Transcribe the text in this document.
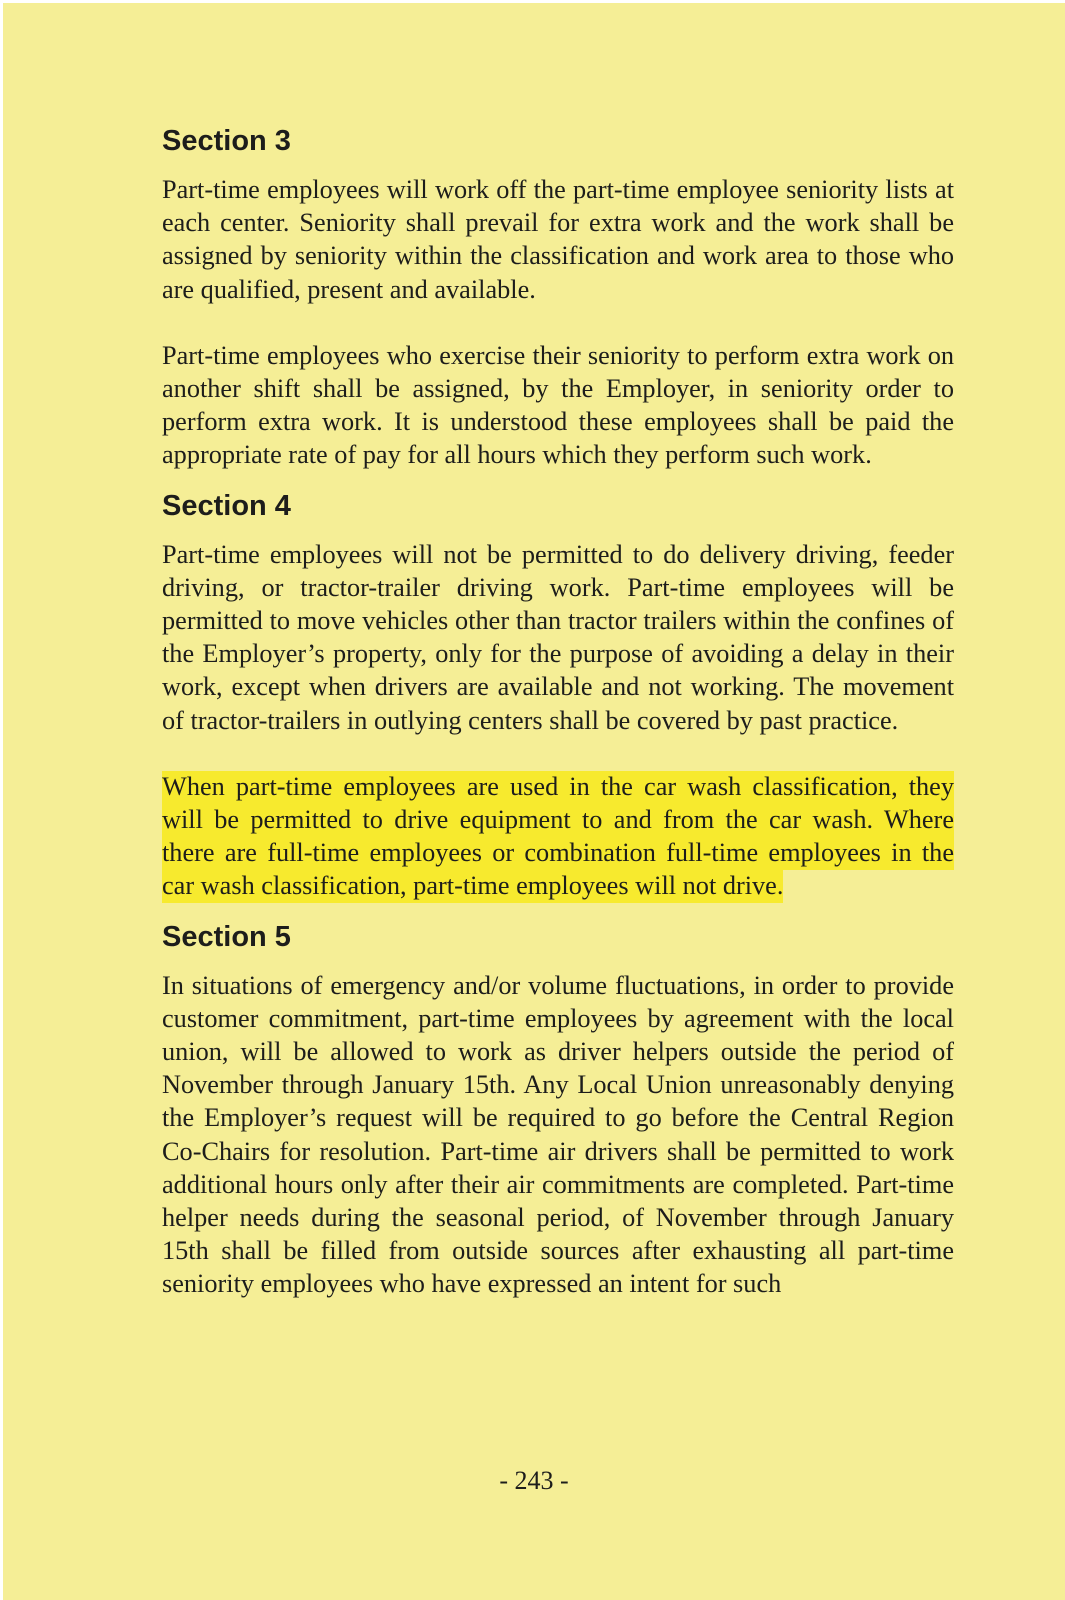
Section 3

Part-time employees will work off the part-time employee seniority lists at each center. Seniority shall prevail for extra work and the work shall be assigned by seniority within the classification and work area to those who are qualified, present and available.

Part-time employees who exercise their seniority to perform extra work on another shift shall be assigned, by the Employer, in seniority order to perform extra work. It is understood these employees shall be paid the appropriate rate of pay for all hours which they perform such work.

Section 4

Part-time employees will not be permitted to do delivery driving, feeder driving, or tractor-trailer driving work. Part-time employees will be permitted to move vehicles other than tractor trailers within the confines of the Employer’s property, only for the purpose of avoiding a delay in their work, except when drivers are available and not working. The movement of tractor-trailers in outlying centers shall be covered by past practice.

When part-time employees are used in the car wash classification, they will be permitted to drive equipment to and from the car wash. Where there are full-time employees or combination full-time employees in the car wash classification, part-time employees will not drive.

Section 5

In situations of emergency and/or volume fluctuations, in order to provide customer commitment, part-time employees by agreement with the local union, will be allowed to work as driver helpers outside the period of November through January 15th. Any Local Union unreasonably denying the Employer’s request will be required to go before the Central Region Co-Chairs for resolution. Part-time air drivers shall be permitted to work additional hours only after their air commitments are completed. Part-time helper needs during the seasonal period, of November through January 15th shall be filled from outside sources after exhausting all part-time seniority employees who have expressed an intent for such

- 243 -
